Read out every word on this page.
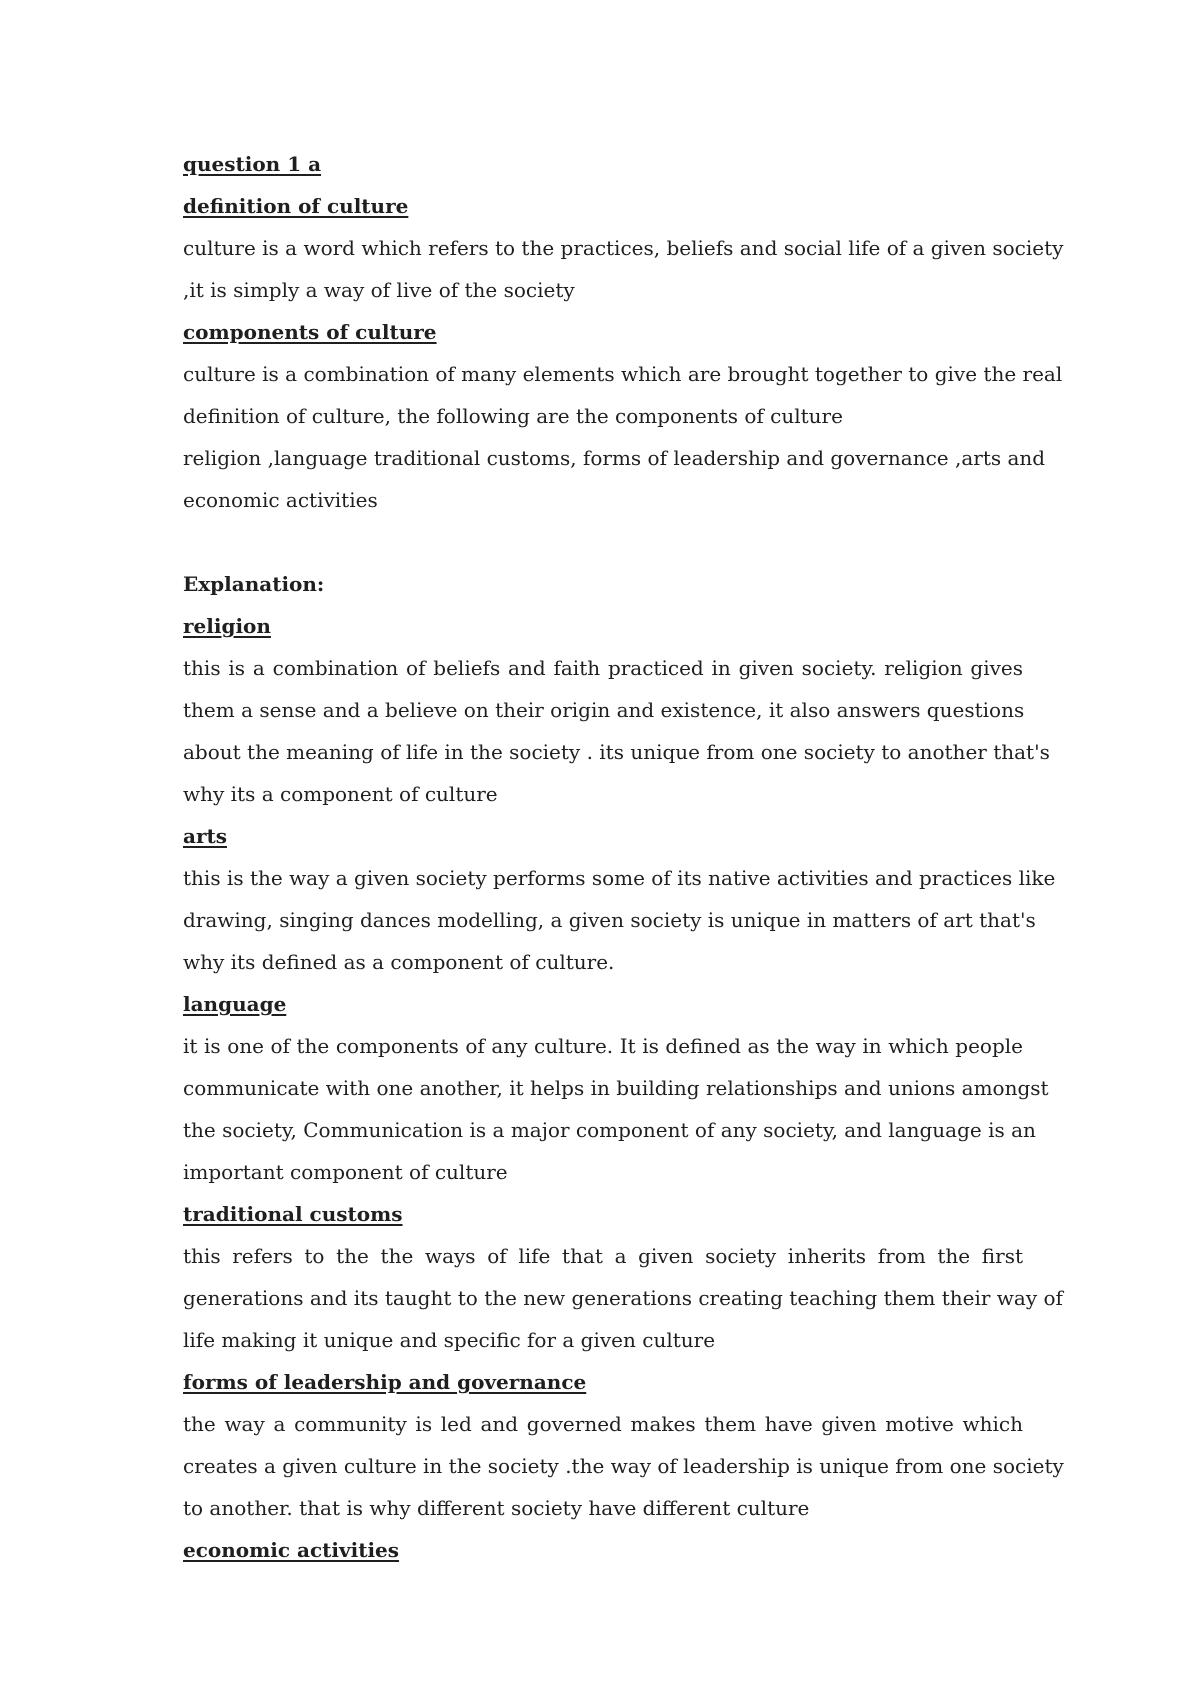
question 1 a
definition of culture
culture is a word which refers to the practices, beliefs and social life of a given society
,it is simply a way of live of the society
components of culture
culture is a combination of many elements which are brought together to give the real
definition of culture, the following are the components of culture
religion ,language traditional customs, forms of leadership and governance ,arts and
economic activities
Explanation:
religion
this is a combination of beliefs and faith practiced in given society. religion gives
them a sense and a believe on their origin and existence, it also answers questions
about the meaning of life in the society . its unique from one society to another that's
why its a component of culture
arts
this is the way a given society performs some of its native activities and practices like
drawing, singing dances modelling, a given society is unique in matters of art that's
why its defined as a component of culture.
language
it is one of the components of any culture. It is defined as the way in which people
communicate with one another, it helps in building relationships and unions amongst
the society, Communication is a major component of any society, and language is an
important component of culture
traditional customs
this refers to the the ways of life that a given society inherits from the first
generations and its taught to the new generations creating teaching them their way of
life making it unique and specific for a given culture
forms of leadership and governance
the way a community is led and governed makes them have given motive which
creates a given culture in the society .the way of leadership is unique from one society
to another. that is why different society have different culture
economic activities
